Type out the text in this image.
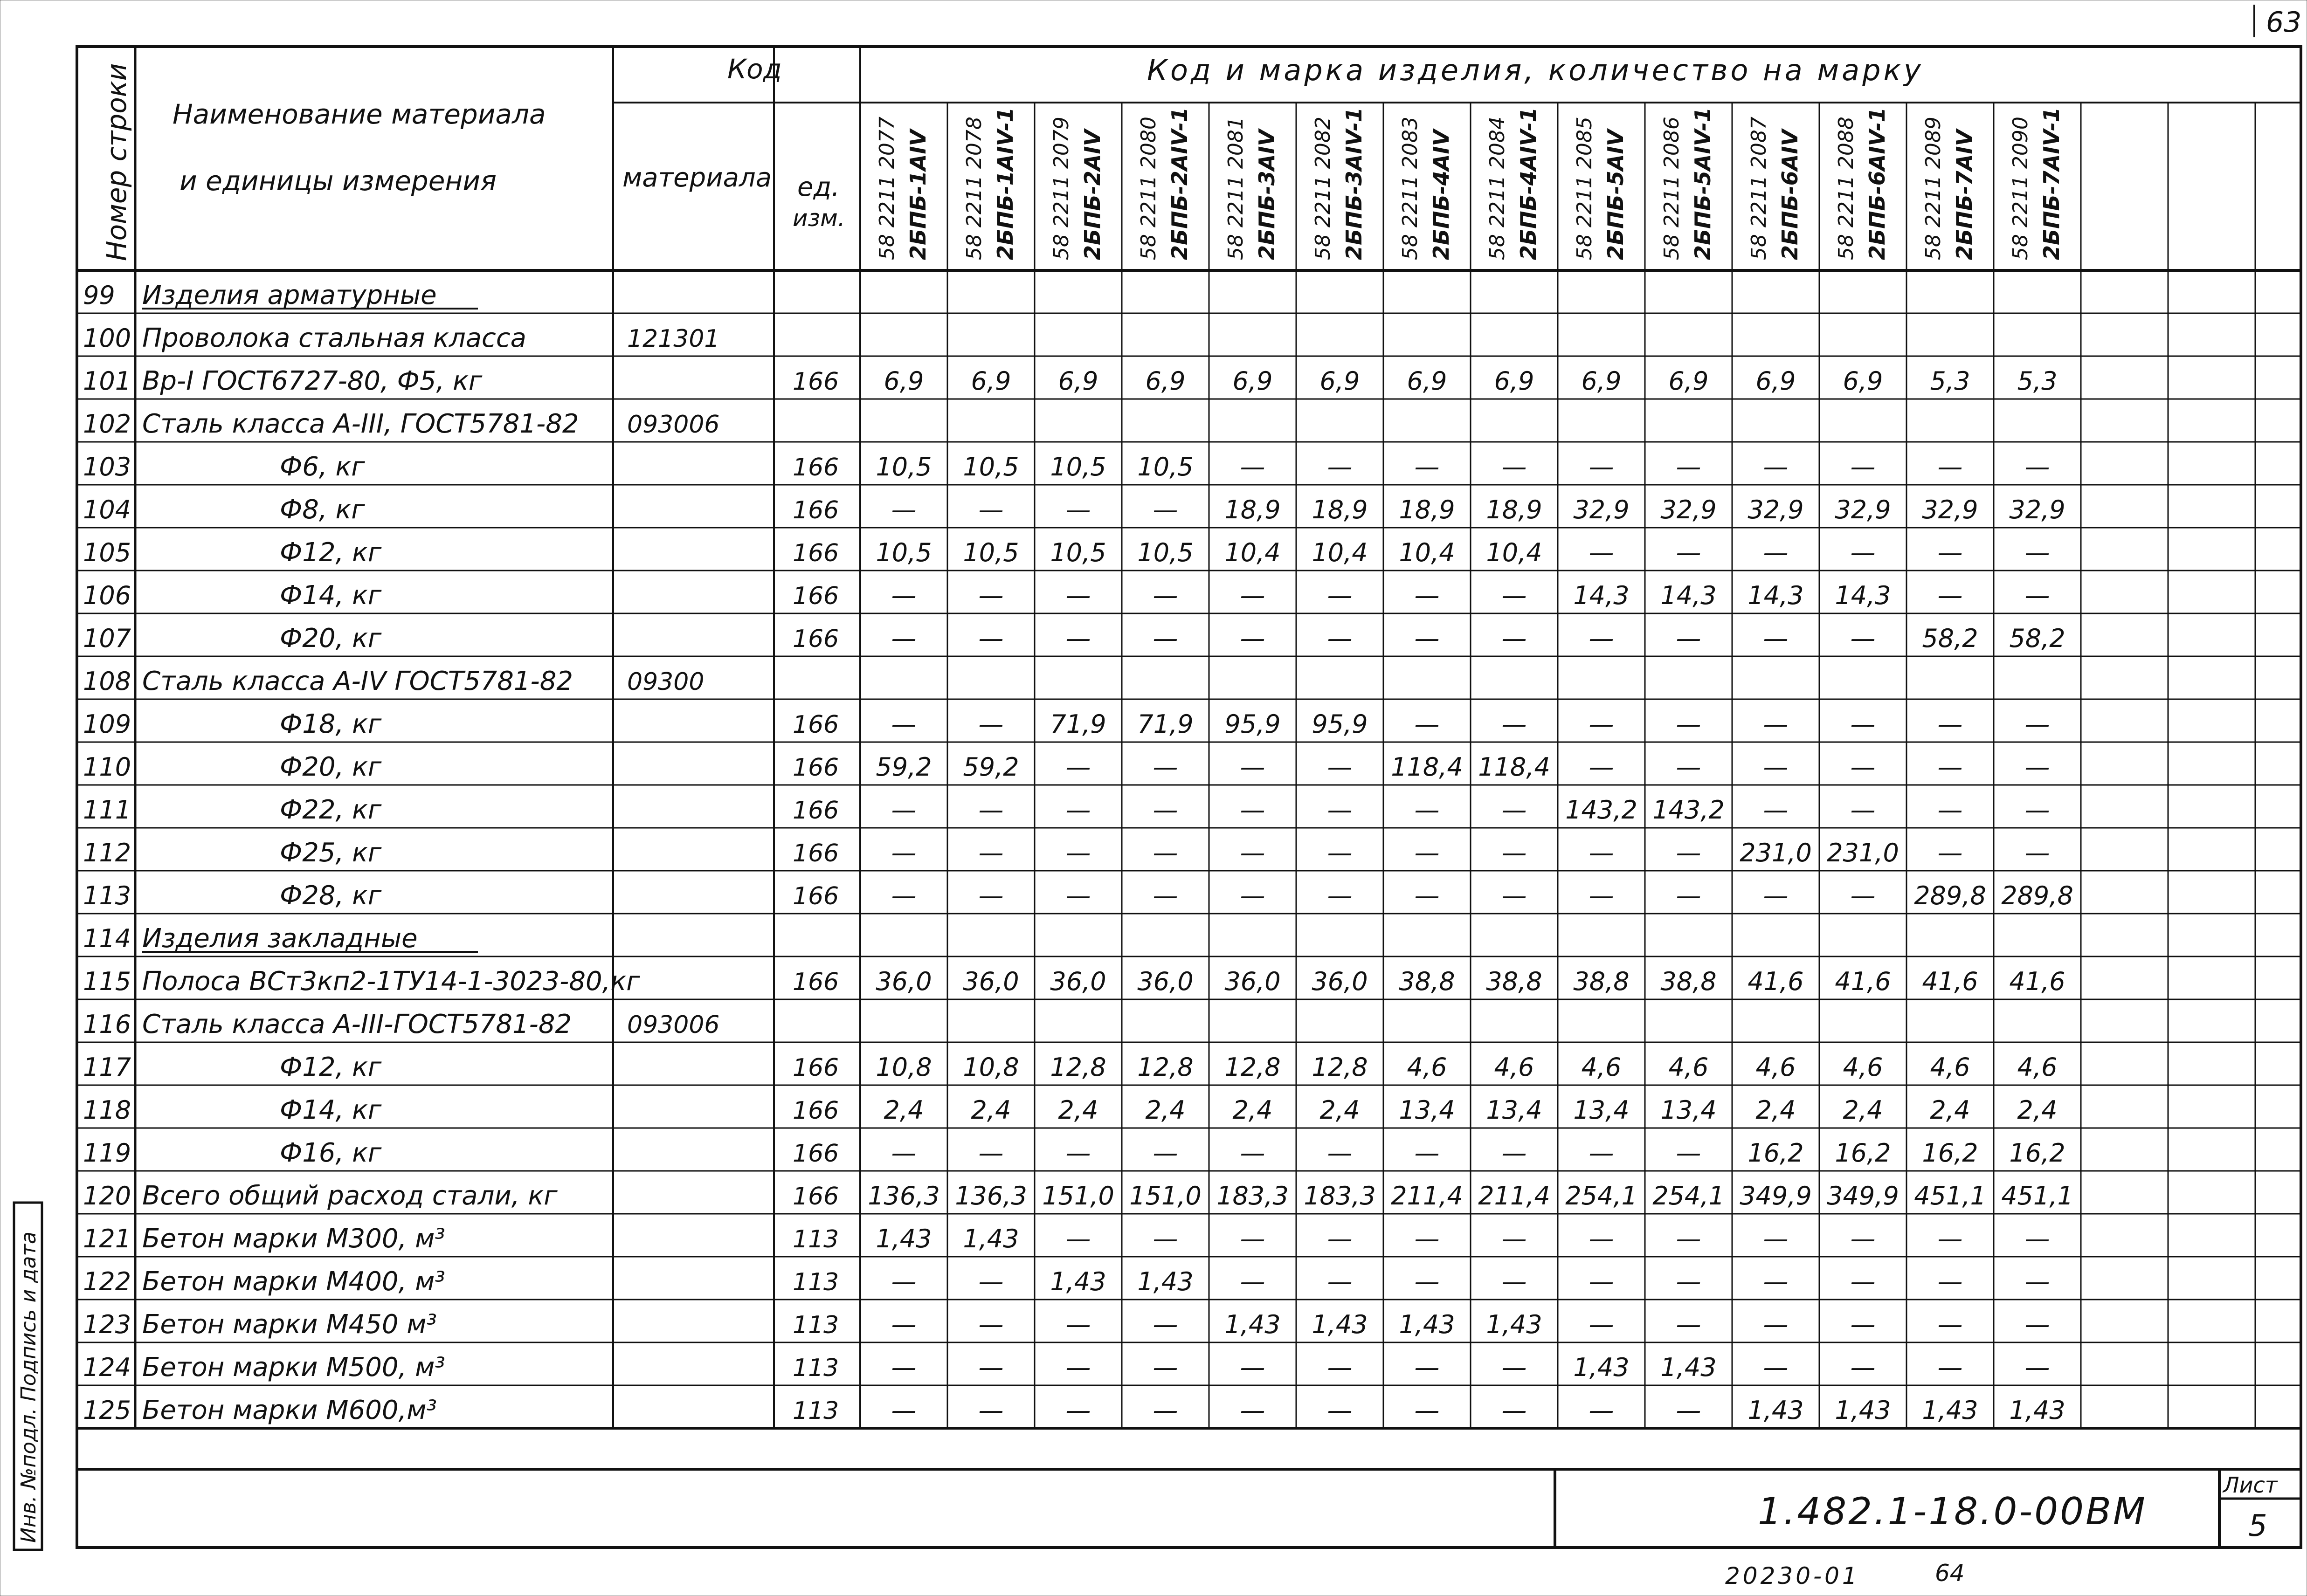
63
Номер строки Наименование материала
и единицы измерения
Код
материала ед.
изм.
Код и марка изделия, количество на марку
58 2211 2077 2БПБ-1АIV 58 2211 2078 2БПБ-1АIV-1 58 2211 2079 2БПБ-2АIV 58 2211 2080 2БПБ-2АIV-1 58 2211 2081 2БПБ-3АIV 58 2211 2082 2БПБ-3АIV-1 58 2211 2083 2БПБ-4АIV 58 2211 2084 2БПБ-4АIV-1 58 2211 2085 2БПБ-5АIV 58 2211 2086 2БПБ-5АIV-1 58 2211 2087 2БПБ-6АIV 58 2211 2088 2БПБ-6АIV-1 58 2211 2089 2БПБ-7АIV 58 2211 2090 2БПБ-7АIV-1
99 Изделия арматурные
100 Проволока стальная класса	121301
101 Вр-I ГОСТ6727-80, Ф5, кг	166 6,9 6,9 6,9 6,9 6,9 6,9 6,9 6,9 6,9 6,9 6,9 6,9 5,3 5,3
102 Сталь класса А-III, ГОСТ5781-82 093006
103	Ф6, кг	166 10,5 10,5 10,5 10,5 — — — — — — — — — —
104	Ф8, кг	166 — — — — 18,9 18,9 18,9 18,9 32,9 32,9 32,9 32,9 32,9 32,9
105	Ф12, кг	166 10,5 10,5 10,5 10,5 10,4 10,4 10,4 10,4 — — — — — —
106	Ф14, кг	166 — — — — — — — — 14,3 14,3 14,3 14,3 — —
107	Ф20, кг	166 — — — — — — — — — — — — 58,2 58,2
108 Сталь класса А-IV ГОСТ5781-82 09300
109	Ф18, кг	166 — — 71,9 71,9 95,9 95,9 — — — — — — — —
110	Ф20, кг	166 59,2 59,2 — — — — 118,4 118,4 — — — — — —
111	Ф22, кг	166 — — — — — — — — 143,2 143,2 — — — —
112	Ф25, кг	166 — — — — — — — — — — 231,0 231,0 — —
113	Ф28, кг	166 — — — — — — — — — — — — 289,8 289,8
114 Изделия закладные
115 Полоса ВСт3кп2-1ТУ14-1-3023-80,кг	166 36,0 36,0 36,0 36,0 36,0 36,0 38,8 38,8 38,8 38,8 41,6 41,6 41,6 41,6
116 Сталь класса А-III-ГОСТ5781-82 093006
117	Ф12, кг	166 10,8 10,8 12,8 12,8 12,8 12,8 4,6 4,6 4,6 4,6 4,6 4,6 4,6 4,6
118	Ф14, кг	166 2,4 2,4 2,4 2,4 2,4 2,4 13,4 13,4 13,4 13,4 2,4 2,4 2,4 2,4
119	Ф16, кг	166 — — — — — — — — — — 16,2 16,2 16,2 16,2
120 Всего общий расход стали, кг	166 136,3 136,3 151,0 151,0 183,3 183,3 211,4 211,4 254,1 254,1 349,9 349,9 451,1 451,1
121 Бетон марки М300, м³	113 1,43 1,43 — — — — — — — — — — — —
122 Бетон марки М400, м³	113 — — 1,43 1,43 — — — — — — — — — —
123 Бетон марки М450 м³	113 — — — — 1,43 1,43 1,43 1,43 — — — — — —
124 Бетон марки М500, м³	113 — — — — — — — — 1,43 1,43 — — — —
125 Бетон марки М600,м³	113 — — — — — — — — — — 1,43 1,43 1,43 1,43
Инв. №подл. Подпись и дата	Лист
5
1.482.1-18.0-00ВМ
20230-01	64
